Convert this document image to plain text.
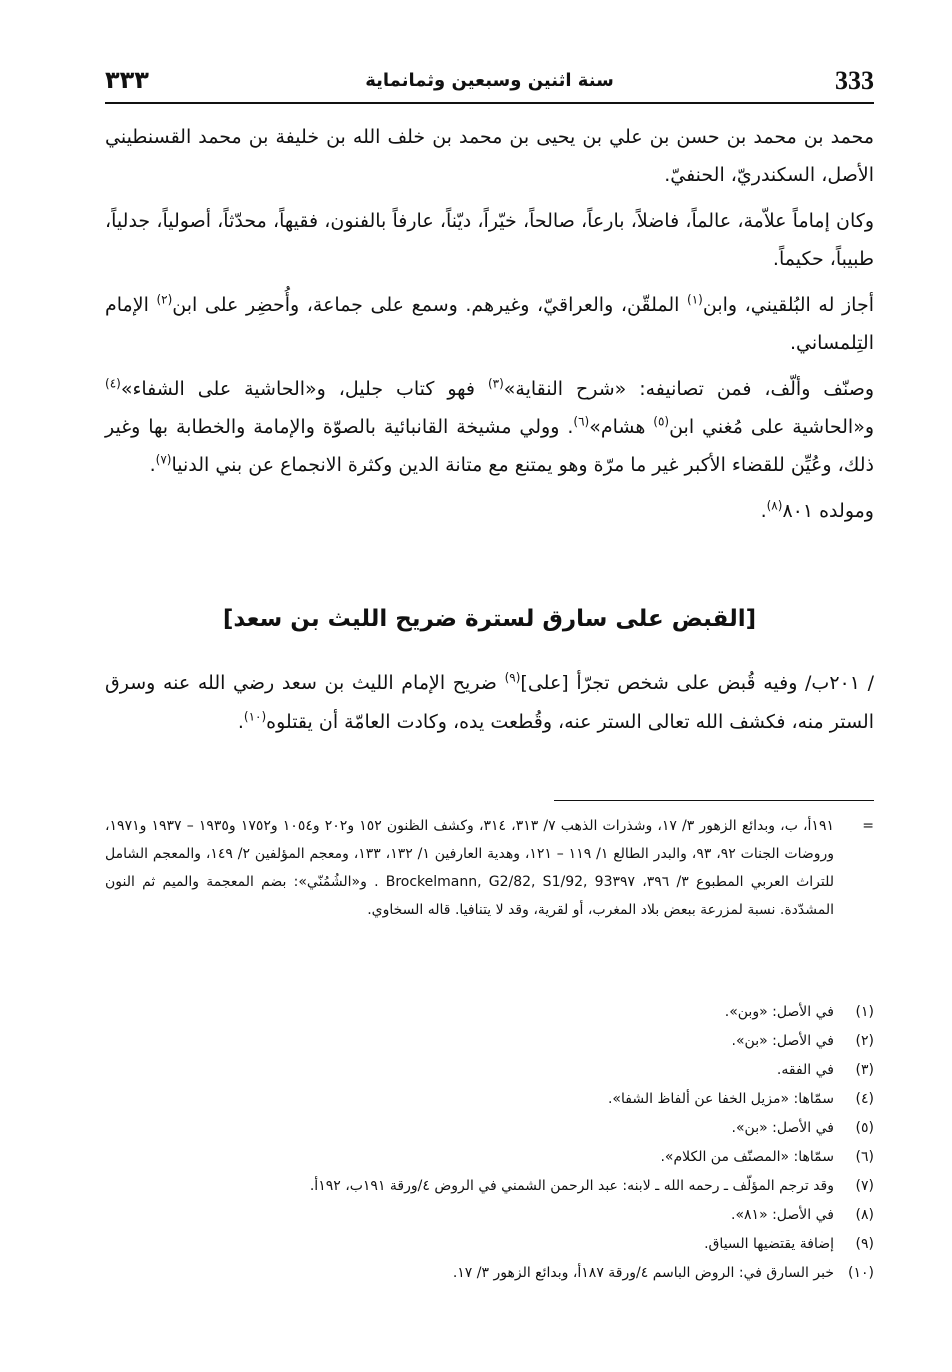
333
سنة اثنين وسبعين وثمانماية
٣٣٣

محمد بن محمد بن حسن بن علي بن يحيى بن محمد بن خلف الله بن خليفة بن محمد القسنطيني الأصل، السكندريّ، الحنفيّ.

وكان إماماً علاّمة، عالماً، فاضلاً، بارعاً، صالحاً، خيّراً، ديّناً، عارفاً بالفنون، فقيهاً، محدّثاً، أصولياً، جدلياً، طبيباً، حكيماً.

أجاز له البُلقيني، وابن$^{(١)}$ الملقّن، والعراقيّ، وغيرهم. وسمع على جماعة، وأُحضِر على ابن$^{(٢)}$ الإمام التِلمساني.

وصنّف وألّف، فمن تصانيفه: «شرح النقاية»$^{(٣)}$ فهو كتاب جليل، و«الحاشية على الشفاء»$^{(٤)}$ و«الحاشية على مُغني ابن$^{(٥)}$ هشام»$^{(٦)}$. وولي مشيخة القانبائية بالصوّة والإمامة والخطابة بها وغير ذلك، وعُيِّن للقضاء الأكبر غير ما مرّة وهو يمتنع مع متانة الدين وكثرة الانجماع عن بني الدنيا$^{(٧)}$.

ومولده ٨٠١$^{(٨)}$.

[القبض على سارق لسترة ضريح الليث بن سعد]

/ ٢٠١ب/ وفيه قُبض على شخص تجرّأ [على]$^{(٩)}$ ضريح الإمام الليث بن سعد رضي الله عنه وسرق الستر منه، فكشف الله تعالى الستر عنه، وقُطعت يده، وكادت العامّة أن يقتلوه$^{(١٠)}$.

=
١٩١أ، ب، وبدائع الزهور ٣/ ١٧، وشذرات الذهب ٧/ ٣١٣، ٣١٤، وكشف الظنون ١٥٢ و٢٠٢ و١٠٥٤ و١٧٥٢ و١٩٣٥ – ١٩٣٧ و١٩٧١، وروضات الجنات ٩٢، ٩٣، والبدر الطالع ١/ ١١٩ – ١٢١، وهدية العارفين ١/ ١٣٢، ١٣٣، ومعجم المؤلفين ٢/ ١٤٩، والمعجم الشامل للتراث العربي المطبوع ٣/ ٣٩٦، Brockelmann, G2/82, S1/92, 93٣٩٧ . و«الشُمُنّي»: بضم المعجمة والميم ثم النون المشدّدة. نسبة لمزرعة ببعض بلاد المغرب، أو لقرية، وقد لا يتنافيا. قاله السخاوي.
(١)
في الأصل: «وبن».
(٢)
في الأصل: «بن».
(٣)
في الفقه.
(٤)
سمّاها: «مزيل الخفا عن ألفاظ الشفا».
(٥)
في الأصل: «بن».
(٦)
سمّاها: «المصنّف من الكلام».
(٧)
وقد ترجم المؤلّف ـ رحمه الله ـ لابنه: عبد الرحمن الشمني في الروض ٤/ورقة ١٩١ب، ١٩٢أ.
(٨)
في الأصل: «٨١».
(٩)
إضافة يقتضيها السياق.
(١٠)
خبر السارق في: الروض الباسم ٤/ورقة ١٨٧أ، وبدائع الزهور ٣/ ١٧.
